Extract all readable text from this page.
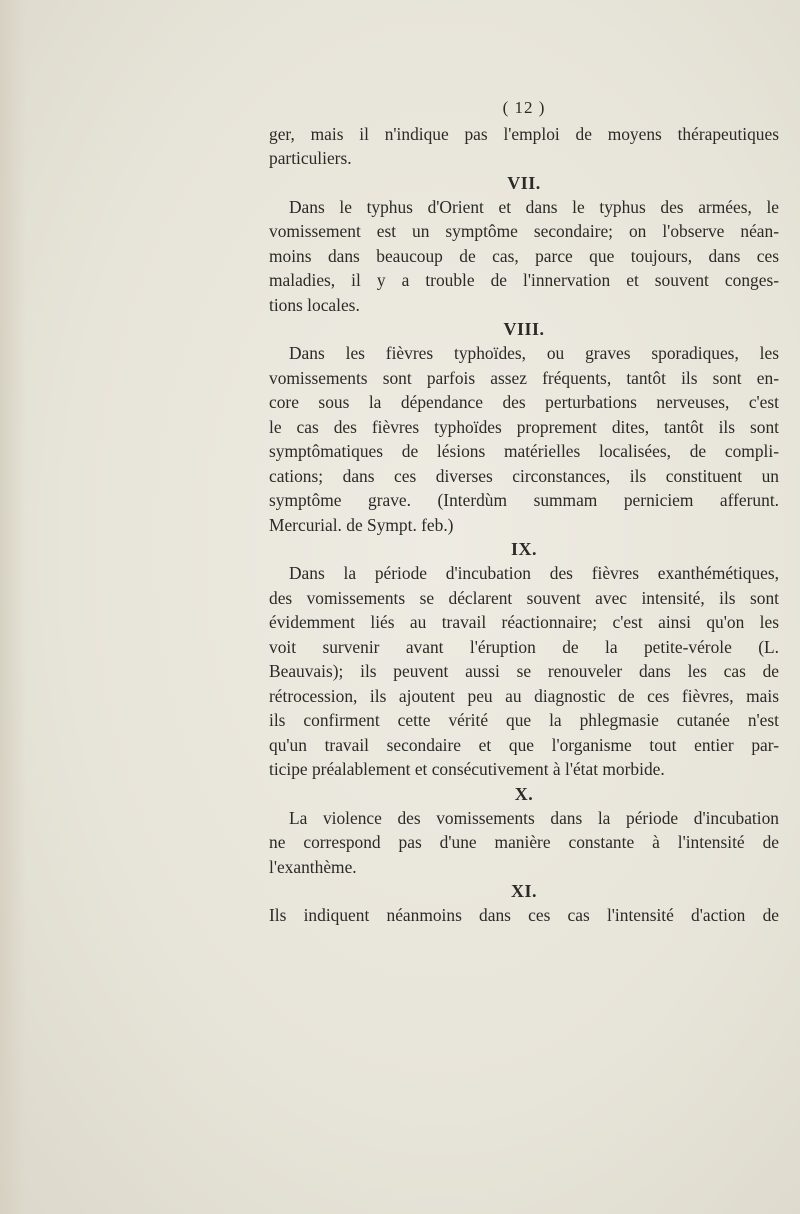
( 12 )

ger, mais il n'indique pas l'emploi de moyens thérapeutiques
particuliers.

VII.

Dans le typhus d'Orient et dans le typhus des armées, le
vomissement est un symptôme secondaire; on l'observe néan-
moins dans beaucoup de cas, parce que toujours, dans ces
maladies, il y a trouble de l'innervation et souvent conges-
tions locales.

VIII.

Dans les fièvres typhoïdes, ou graves sporadiques, les
vomissements sont parfois assez fréquents, tantôt ils sont en-
core sous la dépendance des perturbations nerveuses, c'est
le cas des fièvres typhoïdes proprement dites, tantôt ils sont
symptômatiques de lésions matérielles localisées, de compli-
cations; dans ces diverses circonstances, ils constituent un
symptôme grave. (Interdùm summam perniciem afferunt.
Mercurial. de Sympt. feb.)

IX.

Dans la période d'incubation des fièvres exanthémétiques,
des vomissements se déclarent souvent avec intensité, ils sont
évidemment liés au travail réactionnaire; c'est ainsi qu'on les
voit survenir avant l'éruption de la petite-vérole (L.
Beauvais); ils peuvent aussi se renouveler dans les cas de
rétrocession, ils ajoutent peu au diagnostic de ces fièvres, mais
ils confirment cette vérité que la phlegmasie cutanée n'est
qu'un travail secondaire et que l'organisme tout entier par-
ticipe préalablement et consécutivement à l'état morbide.

X.

La violence des vomissements dans la période d'incubation
ne correspond pas d'une manière constante à l'intensité de
l'exanthème.

XI.

Ils indiquent néanmoins dans ces cas l'intensité d'action de
